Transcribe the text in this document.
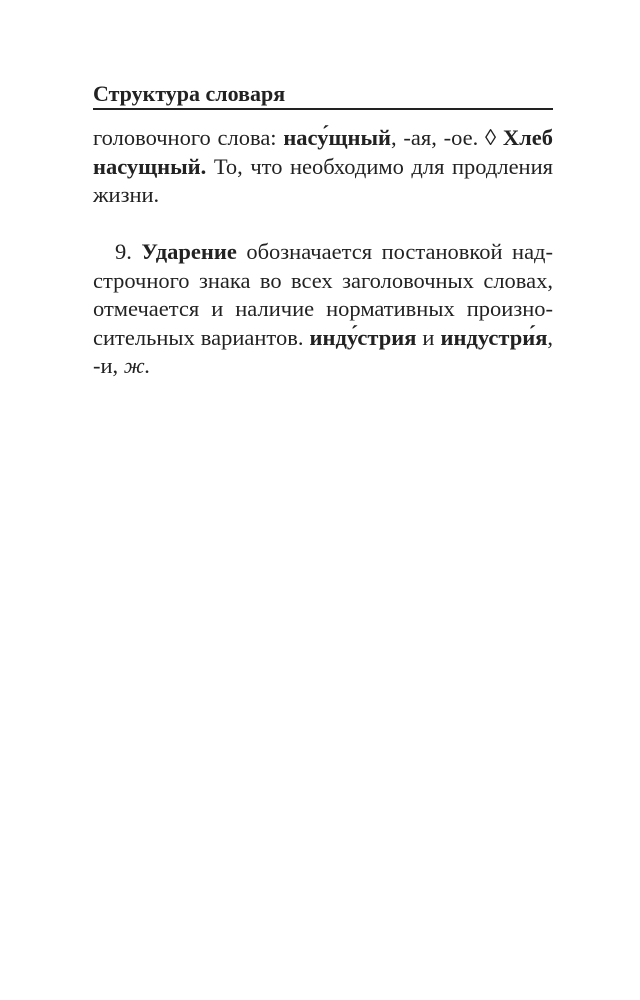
Структура словаря
головочного слова: насу́щный, -ая, -ое. ◊ Хлеб
насущный. То, что необходимо для продления
жизни.
9. Ударение обозначается постановкой над-
строчного знака во всех заголовочных словах,
отмечается и наличие нормативных произно-
сительных вариантов. инду́стрия и индустри́я,
-и, ж.
